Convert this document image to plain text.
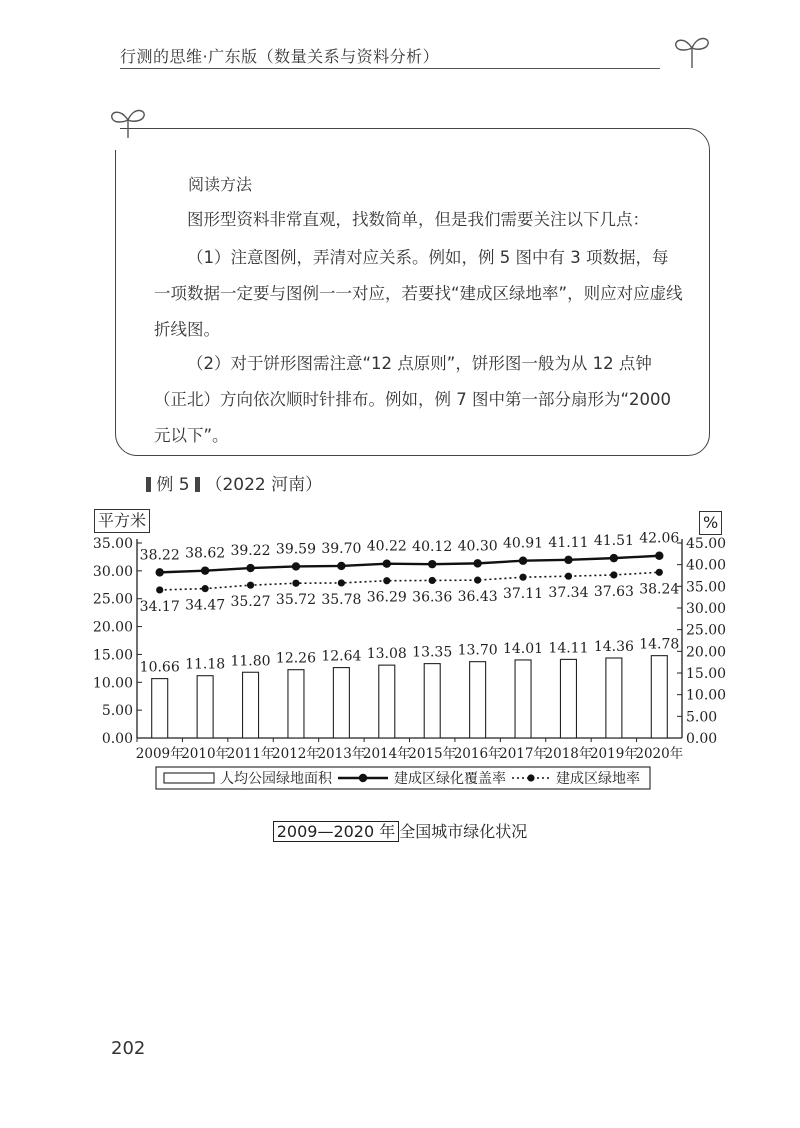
行测的思维·广东版（数量关系与资料分析）
阅读方法
图形型资料非常直观，找数简单，但是我们需要关注以下几点：
（1）注意图例，弄清对应关系。例如，例 5 图中有 3 项数据，每一项数据一定要与图例一一对应，若要找“建成区绿地率”，则应对应虚线折线图。
（2）对于饼形图需注意“12 点原则”，饼形图一般为从 12 点钟（正北）方向依次顺时针排布。例如，例 7 图中第一部分扇形为“2000 元以下”。
例 5 （2022 河南）
平方米	%
0.00
5.00
10.00
15.00
20.00
25.00
30.00
35.00
0.00
5.00
10.00
15.00
20.00
25.00
30.00
35.00
40.00
45.00
2009年
2010年
2011年
2012年
2013年
2014年
2015年
2016年
2017年
2018年
2019年
2020年
10.66 11.18 11.80 12.26 12.64 13.08 13.35 13.70 14.01 14.11 14.36 14.78
38.22 38.62 39.22 39.59 39.70 40.22 40.12 40.30 40.91 41.11 41.51 42.06
34.17 34.47 35.27 35.72 35.78 36.29 36.36 36.43 37.11 37.34 37.63 38.24
人均公园绿地面积	建成区绿化覆盖率	建成区绿地率
2009—2020 年 全国城市绿化状况
202
